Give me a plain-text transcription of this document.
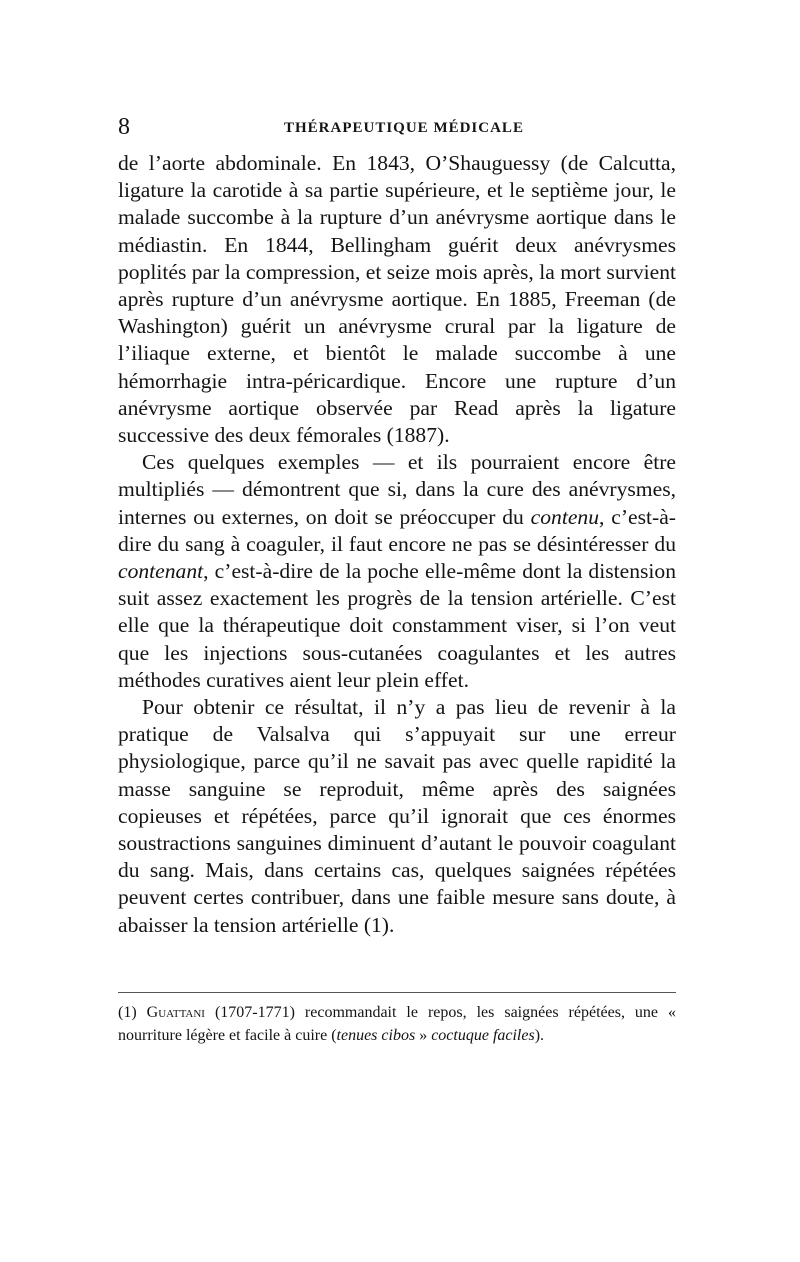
8	THÉRAPEUTIQUE MÉDICALE

de l’aorte abdominale. En 1843, O’Shauguessy (de Calcutta, ligature la carotide à sa partie supérieure, et le septième jour, le malade succombe à la rupture d’un anévrysme aortique dans le médiastin. En 1844, Bellingham guérit deux anévrysmes poplités par la compression, et seize mois après, la mort survient après rupture d’un anévrysme aortique. En 1885, Freeman (de Washington) guérit un anévrysme crural par la ligature de l’iliaque externe, et bientôt le malade succombe à une hémorrhagie intra-péricardique. Encore une rupture d’un anévrysme aortique observée par Read après la ligature successive des deux fémorales (1887).

Ces quelques exemples — et ils pourraient encore être multipliés — démontrent que si, dans la cure des anévrysmes, internes ou externes, on doit se préoccuper du contenu, c’est-à-dire du sang à coaguler, il faut encore ne pas se désintéresser du contenant, c’est-à-dire de la poche elle-même dont la distension suit assez exactement les progrès de la tension artérielle. C’est elle que la thérapeutique doit constamment viser, si l’on veut que les injections sous-cutanées coagulantes et les autres méthodes curatives aient leur plein effet.

Pour obtenir ce résultat, il n’y a pas lieu de revenir à la pratique de Valsalva qui s’appuyait sur une erreur physiologique, parce qu’il ne savait pas avec quelle rapidité la masse sanguine se reproduit, même après des saignées copieuses et répétées, parce qu’il ignorait que ces énormes soustractions sanguines diminuent d’autant le pouvoir coagulant du sang. Mais, dans certains cas, quelques saignées répétées peuvent certes contribuer, dans une faible mesure sans doute, à abaisser la tension artérielle (1).

(1) Guattani (1707-1771) recommandait le repos, les saignées répétées, une « nourriture légère et facile à cuire (tenues cibos » coctuque faciles).
